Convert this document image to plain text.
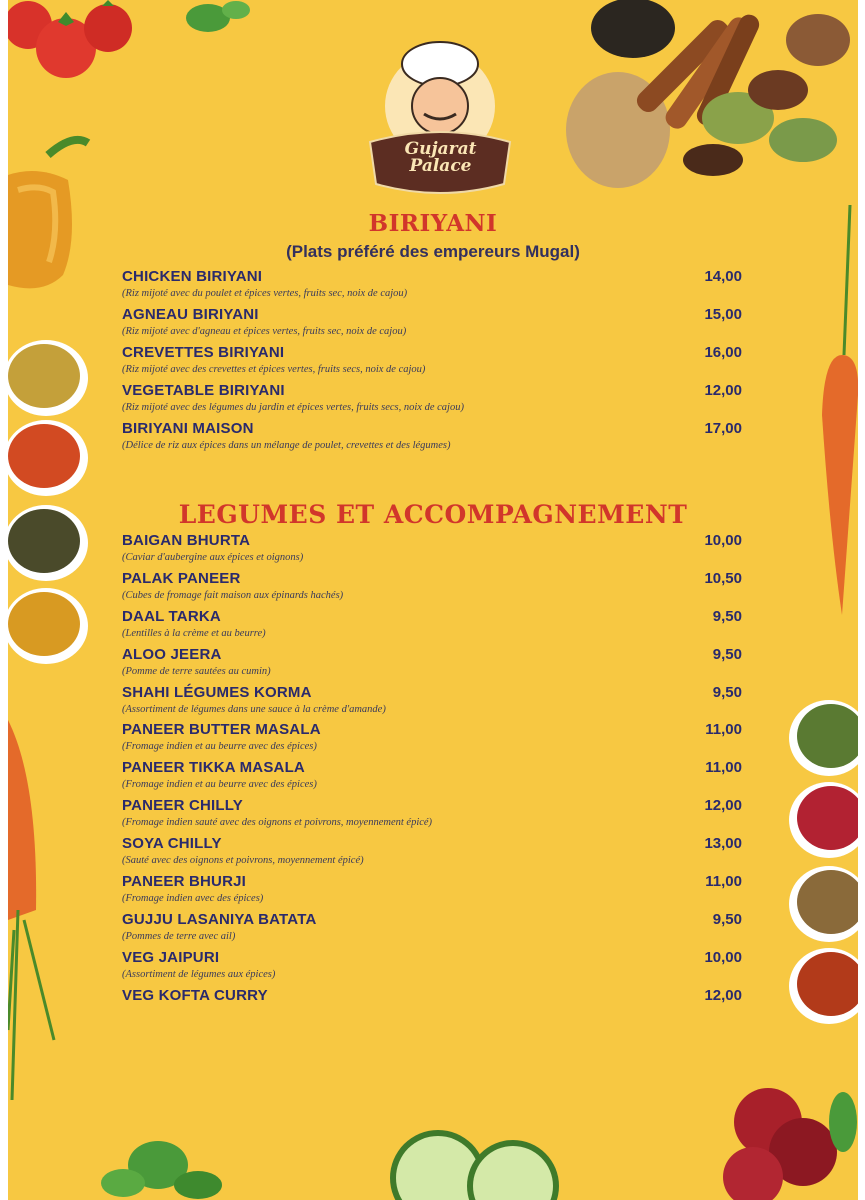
Gujarat
Palace
BIRIYANI
(Plats préféré des empereurs Mugal)
CHICKEN BIRIYANI	14,00
(Riz mijoté avec du poulet et épices vertes, fruits sec, noix de cajou)
AGNEAU BIRIYANI	15,00
(Riz mijoté avec d'agneau et épices vertes, fruits sec, noix de cajou)
CREVETTES BIRIYANI	16,00
(Riz mijoté avec des crevettes et épices vertes, fruits secs, noix de cajou)
VEGETABLE BIRIYANI	12,00
(Riz mijoté avec des légumes du jardin et épices vertes, fruits secs, noix de cajou)
BIRIYANI MAISON	17,00
(Délice de riz aux épices dans un mélange de poulet, crevettes et des légumes)
LEGUMES ET ACCOMPAGNEMENT
BAIGAN BHURTA	10,00
(Caviar d'aubergine aux épices et oignons)
PALAK PANEER	10,50
(Cubes de fromage fait maison aux épinards hachés)
DAAL TARKA	9,50
(Lentilles à la crème et au beurre)
ALOO JEERA	9,50
(Pomme de terre sautées au cumin)
SHAHI LÉGUMES KORMA	9,50
(Assortiment de légumes dans une sauce à la crème d'amande)
PANEER BUTTER MASALA	11,00
(Fromage indien et au beurre avec des épices)
PANEER TIKKA MASALA	11,00
(Fromage indien et au beurre avec des épices)
PANEER CHILLY	12,00
(Fromage indien sauté avec des oignons et poivrons, moyennement épicé)
SOYA CHILLY	13,00
(Sauté avec des oignons et poivrons, moyennement épicé)
PANEER BHURJI	11,00
(Fromage indien avec des épices)
GUJJU LASANIYA BATATA	9,50
(Pommes de terre avec ail)
VEG JAIPURI	10,00
(Assortiment de légumes aux épices)
VEG KOFTA CURRY	12,00
